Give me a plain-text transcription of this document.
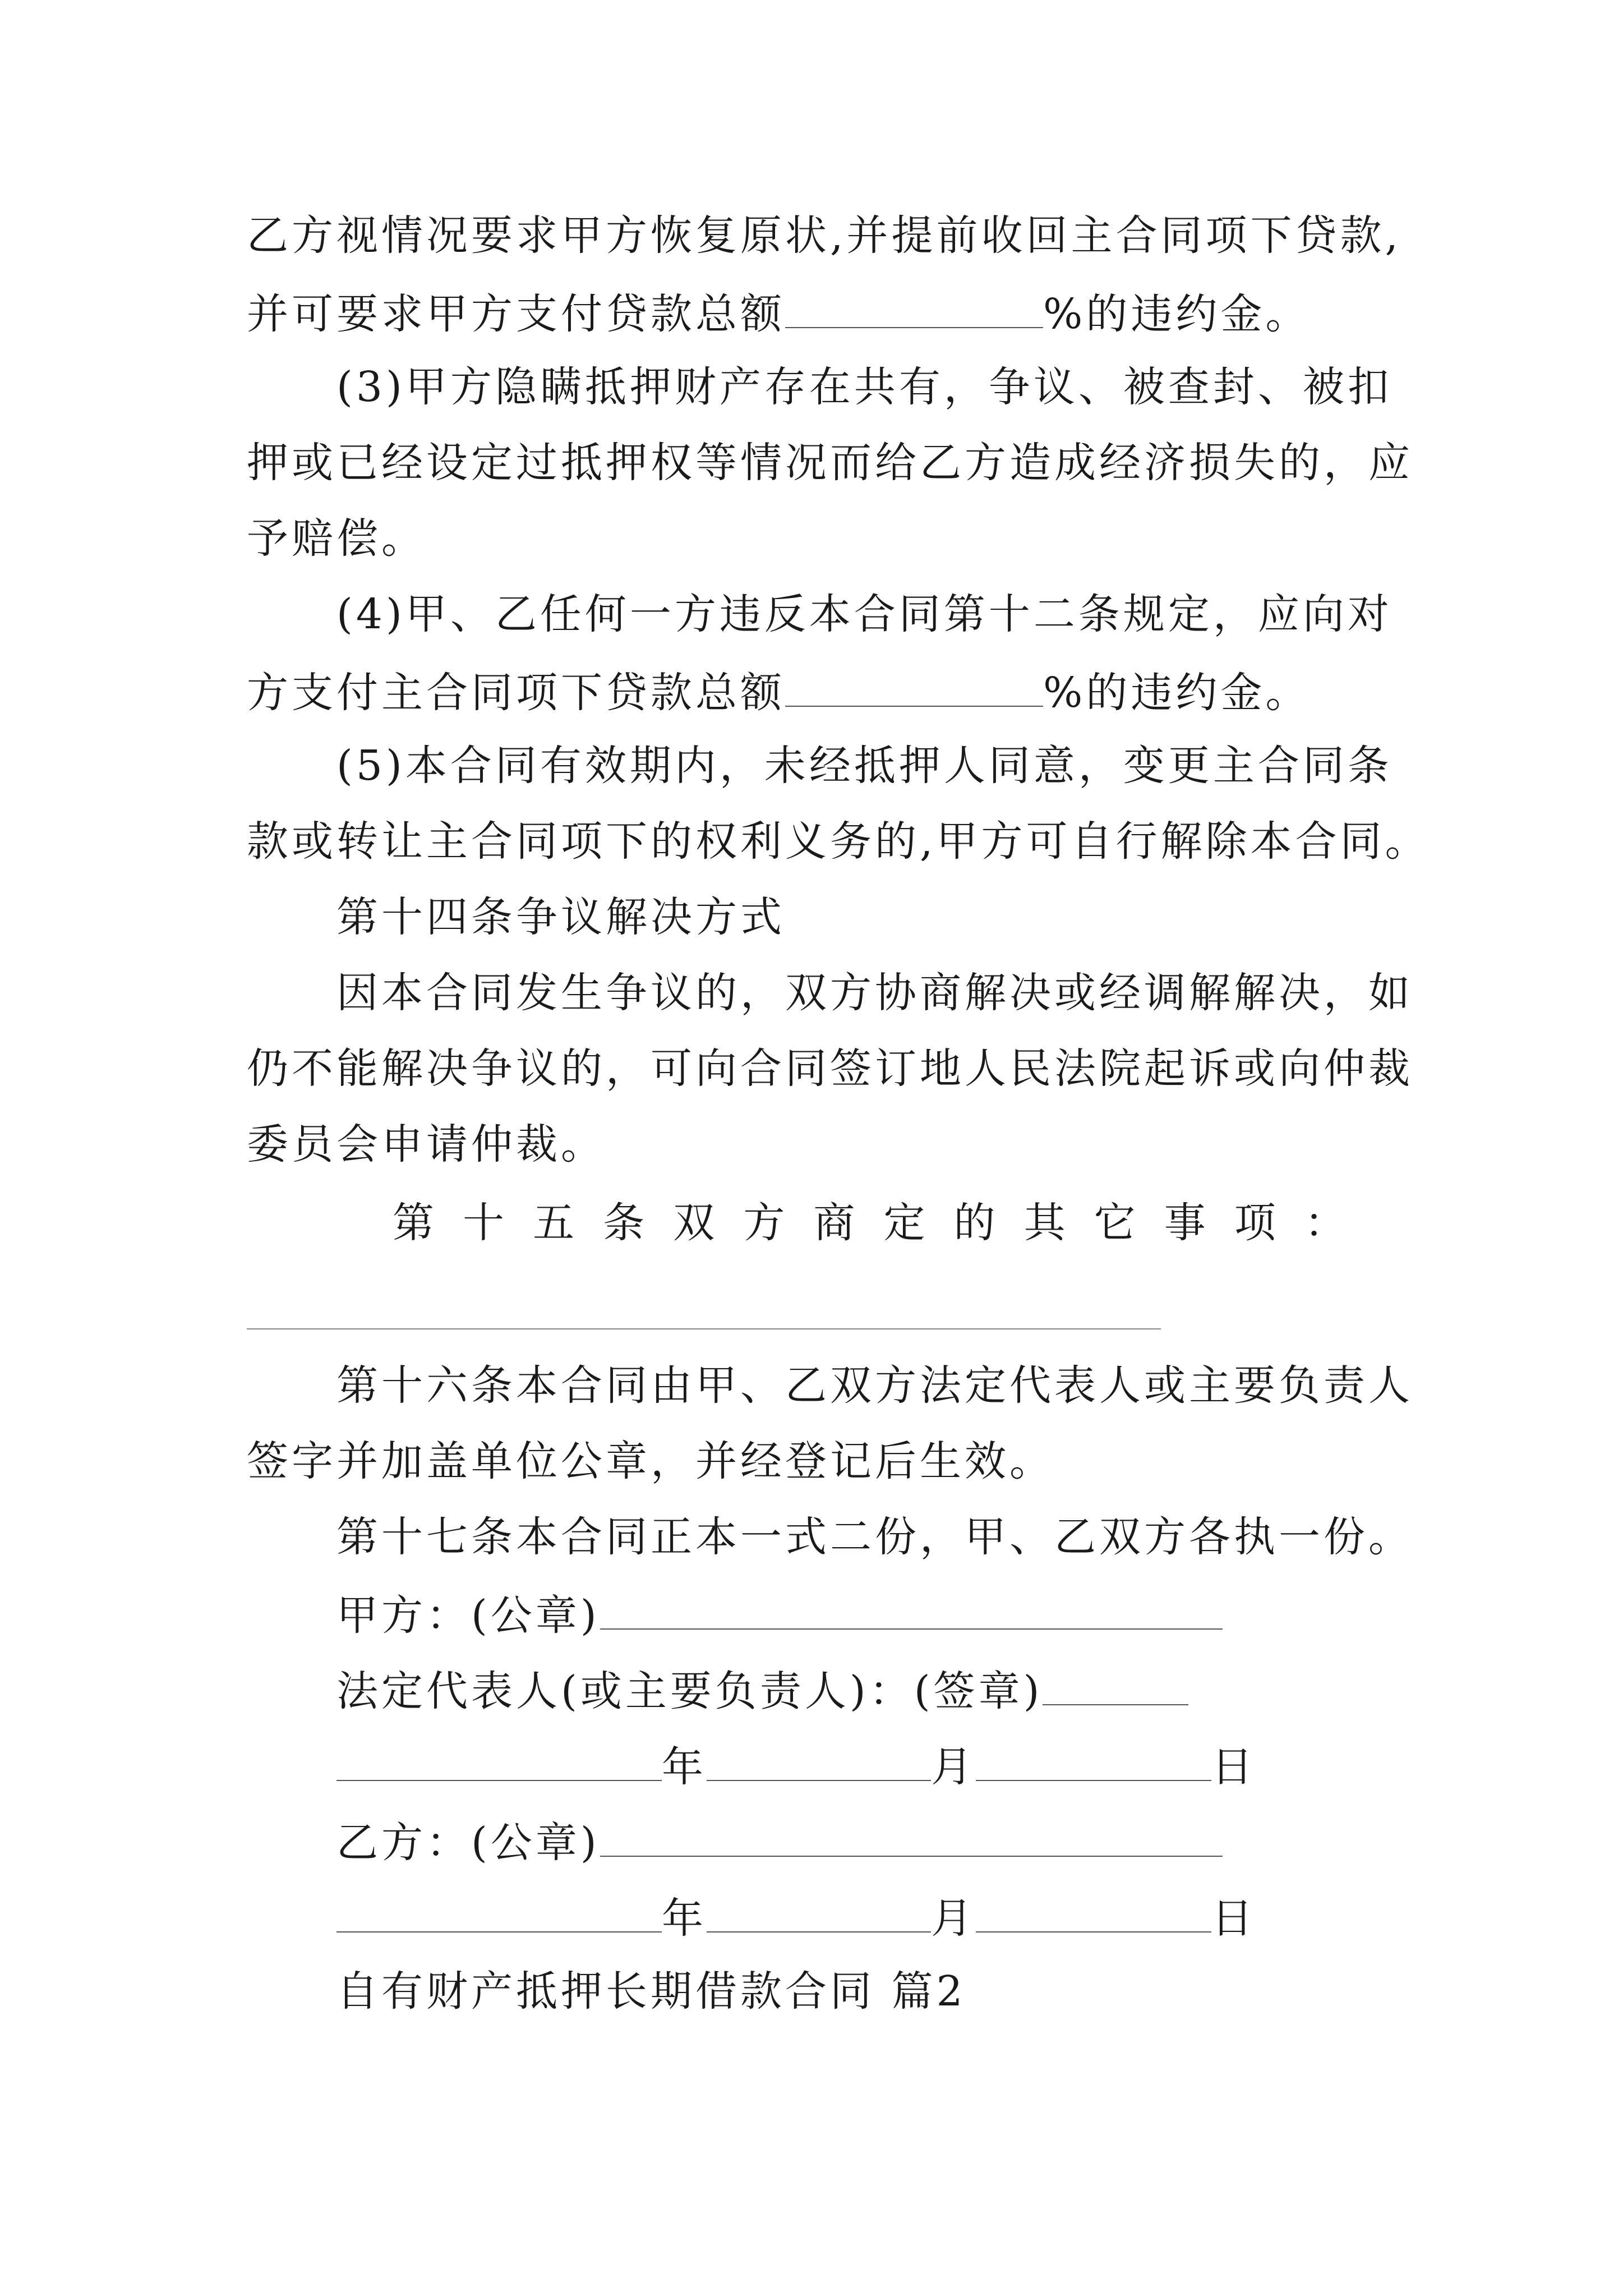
乙方视情况要求甲方恢复原状,并提前收回主合同项下贷款,
并可要求甲方支付贷款总额	%的违约金。
(3)甲方隐瞒抵押财产存在共有，争议、被查封、被扣
押或已经设定过抵押权等情况而给乙方造成经济损失的，应
予赔偿。
(4)甲、乙任何一方违反本合同第十二条规定，应向对
方支付主合同项下贷款总额	%的违约金。
(5)本合同有效期内，未经抵押人同意，变更主合同条
款或转让主合同项下的权利义务的,甲方可自行解除本合同。
第十四条争议解决方式
因本合同发生争议的，双方协商解决或经调解解决，如
仍不能解决争议的，可向合同签订地人民法院起诉或向仲裁
委员会申请仲裁。
第 十 五 条 双 方 商 定 的 其 它 事 项 ：
第十六条本合同由甲、乙双方法定代表人或主要负责人
签字并加盖单位公章，并经登记后生效。
第十七条本合同正本一式二份，甲、乙双方各执一份。
甲方：(公章)
法定代表人(或主要负责人)：(签章)
年	月	日
乙方：(公章)
年	月	日
自有财产抵押长期借款合同 篇2
